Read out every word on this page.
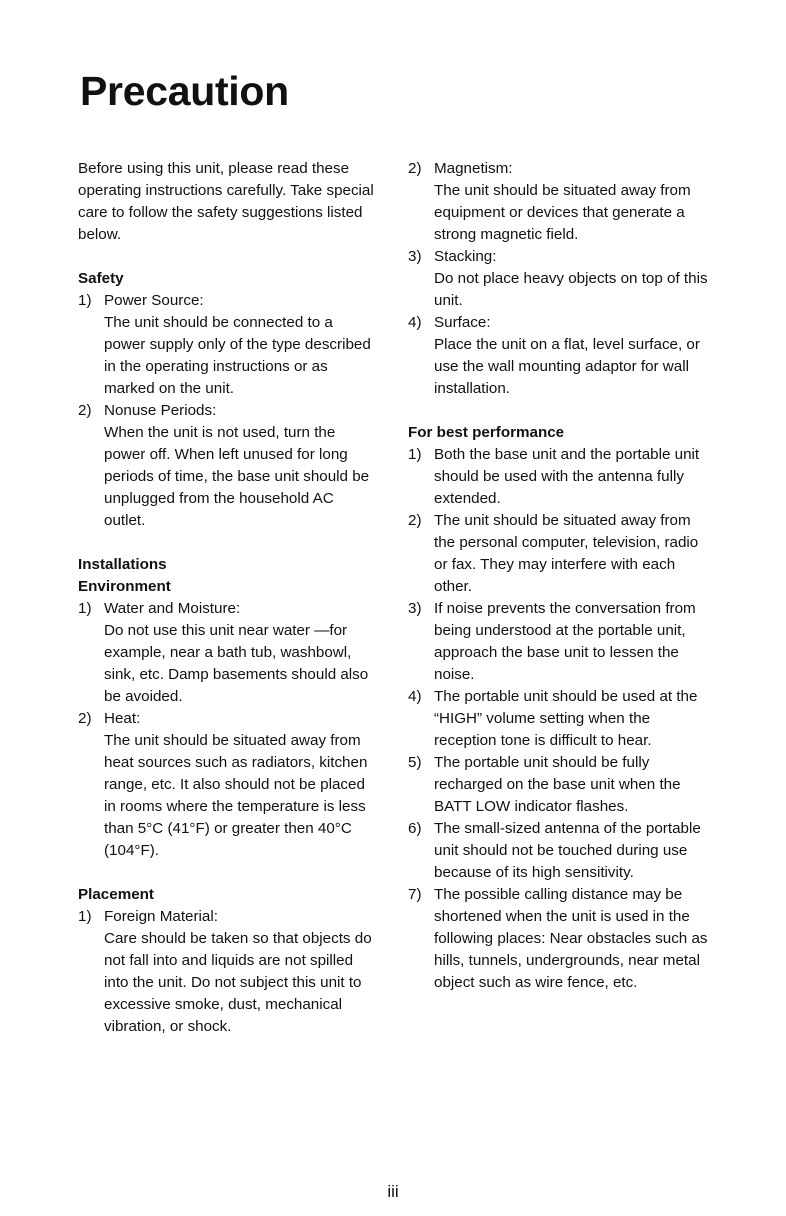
Precaution

Before using this unit, please read these operating instructions carefully. Take special care to follow the safety suggestions listed below.

Safety
1) Power Source:
The unit should be connected to a power supply only of the type described in the operating instructions or as marked on the unit.
2) Nonuse Periods:
When the unit is not used, turn the power off. When left unused for long periods of time, the base unit should be unplugged from the household AC outlet.
Installations
Environment
1) Water and Moisture:
Do not use this unit near water —for example, near a bath tub, washbowl, sink, etc. Damp basements should also be avoided.
2) Heat:
The unit should be situated away from heat sources such as radiators, kitchen range, etc. It also should not be placed in rooms where the temperature is less than 5°C (41°F) or greater then 40°C (104°F).
Placement
1) Foreign Material:
Care should be taken so that objects do not fall into and liquids are not spilled into the unit. Do not subject this unit to excessive smoke, dust, mechanical vibration, or shock.
2) Magnetism:
The unit should be situated away from equipment or devices that generate a strong magnetic field.
3) Stacking:
Do not place heavy objects on top of this unit.
4) Surface:
Place the unit on a flat, level surface, or use the wall mounting adaptor for wall installation.
For best performance
1) Both the base unit and the portable unit should be used with the antenna fully extended.
2) The unit should be situated away from the personal computer, television, radio or fax. They may interfere with each other.
3) If noise prevents the conversation from being understood at the portable unit, approach the base unit to lessen the noise.
4) The portable unit should be used at the “HIGH” volume setting when the reception tone is difficult to hear.
5) The portable unit should be fully recharged on the base unit when the BATT LOW indicator flashes.
6) The small-sized antenna of the portable unit should not be touched during use because of its high sensitivity.
7) The possible calling distance may be shortened when the unit is used in the following places: Near obstacles such as hills, tunnels, undergrounds, near metal object such as wire fence, etc.
iii
